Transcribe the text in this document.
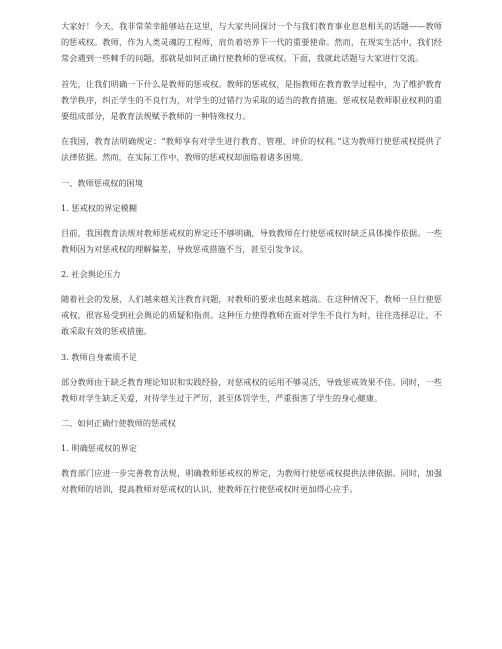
大家好！今天，我非常荣幸能够站在这里，与大家共同探讨一个与我们教育事业息息相关的话题——教师的惩戒权。教师，作为人类灵魂的工程师，肩负着培养下一代的重要使命。然而，在现实生活中，我们经常会遇到一些棘手的问题，那就是如何正确行使教师的惩戒权。下面，我就此话题与大家进行交流。

首先，让我们明确一下什么是教师的惩戒权。教师的惩戒权，是指教师在教育教学过程中，为了维护教育教学秩序，纠正学生的不良行为，对学生的过错行为采取的适当的教育措施。惩戒权是教师职业权利的重要组成部分，是教育法规赋予教师的一种特殊权力。

在我国，教育法明确规定：“教师享有对学生进行教育、管理、评价的权利。”这为教师行使惩戒权提供了法律依据。然而，在实际工作中，教师的惩戒权却面临着诸多困境。

一、教师惩戒权的困境

1. 惩戒权的界定模糊

目前，我国教育法规对教师惩戒权的界定还不够明确，导致教师在行使惩戒权时缺乏具体操作依据。一些教师因为对惩戒权的理解偏差，导致惩戒措施不当，甚至引发争议。

2. 社会舆论压力

随着社会的发展，人们越来越关注教育问题，对教师的要求也越来越高。在这种情况下，教师一旦行使惩戒权，很容易受到社会舆论的质疑和指责。这种压力使得教师在面对学生不良行为时，往往选择忍让，不敢采取有效的惩戒措施。

3. 教师自身素质不足

部分教师由于缺乏教育理论知识和实践经验，对惩戒权的运用不够灵活，导致惩戒效果不佳。同时，一些教师对学生缺乏关爱，对待学生过于严厉，甚至体罚学生，严重损害了学生的身心健康。

二、如何正确行使教师的惩戒权

1. 明确惩戒权的界定

教育部门应进一步完善教育法规，明确教师惩戒权的界定，为教师行使惩戒权提供法律依据。同时，加强对教师的培训，提高教师对惩戒权的认识，使教师在行使惩戒权时更加得心应手。
